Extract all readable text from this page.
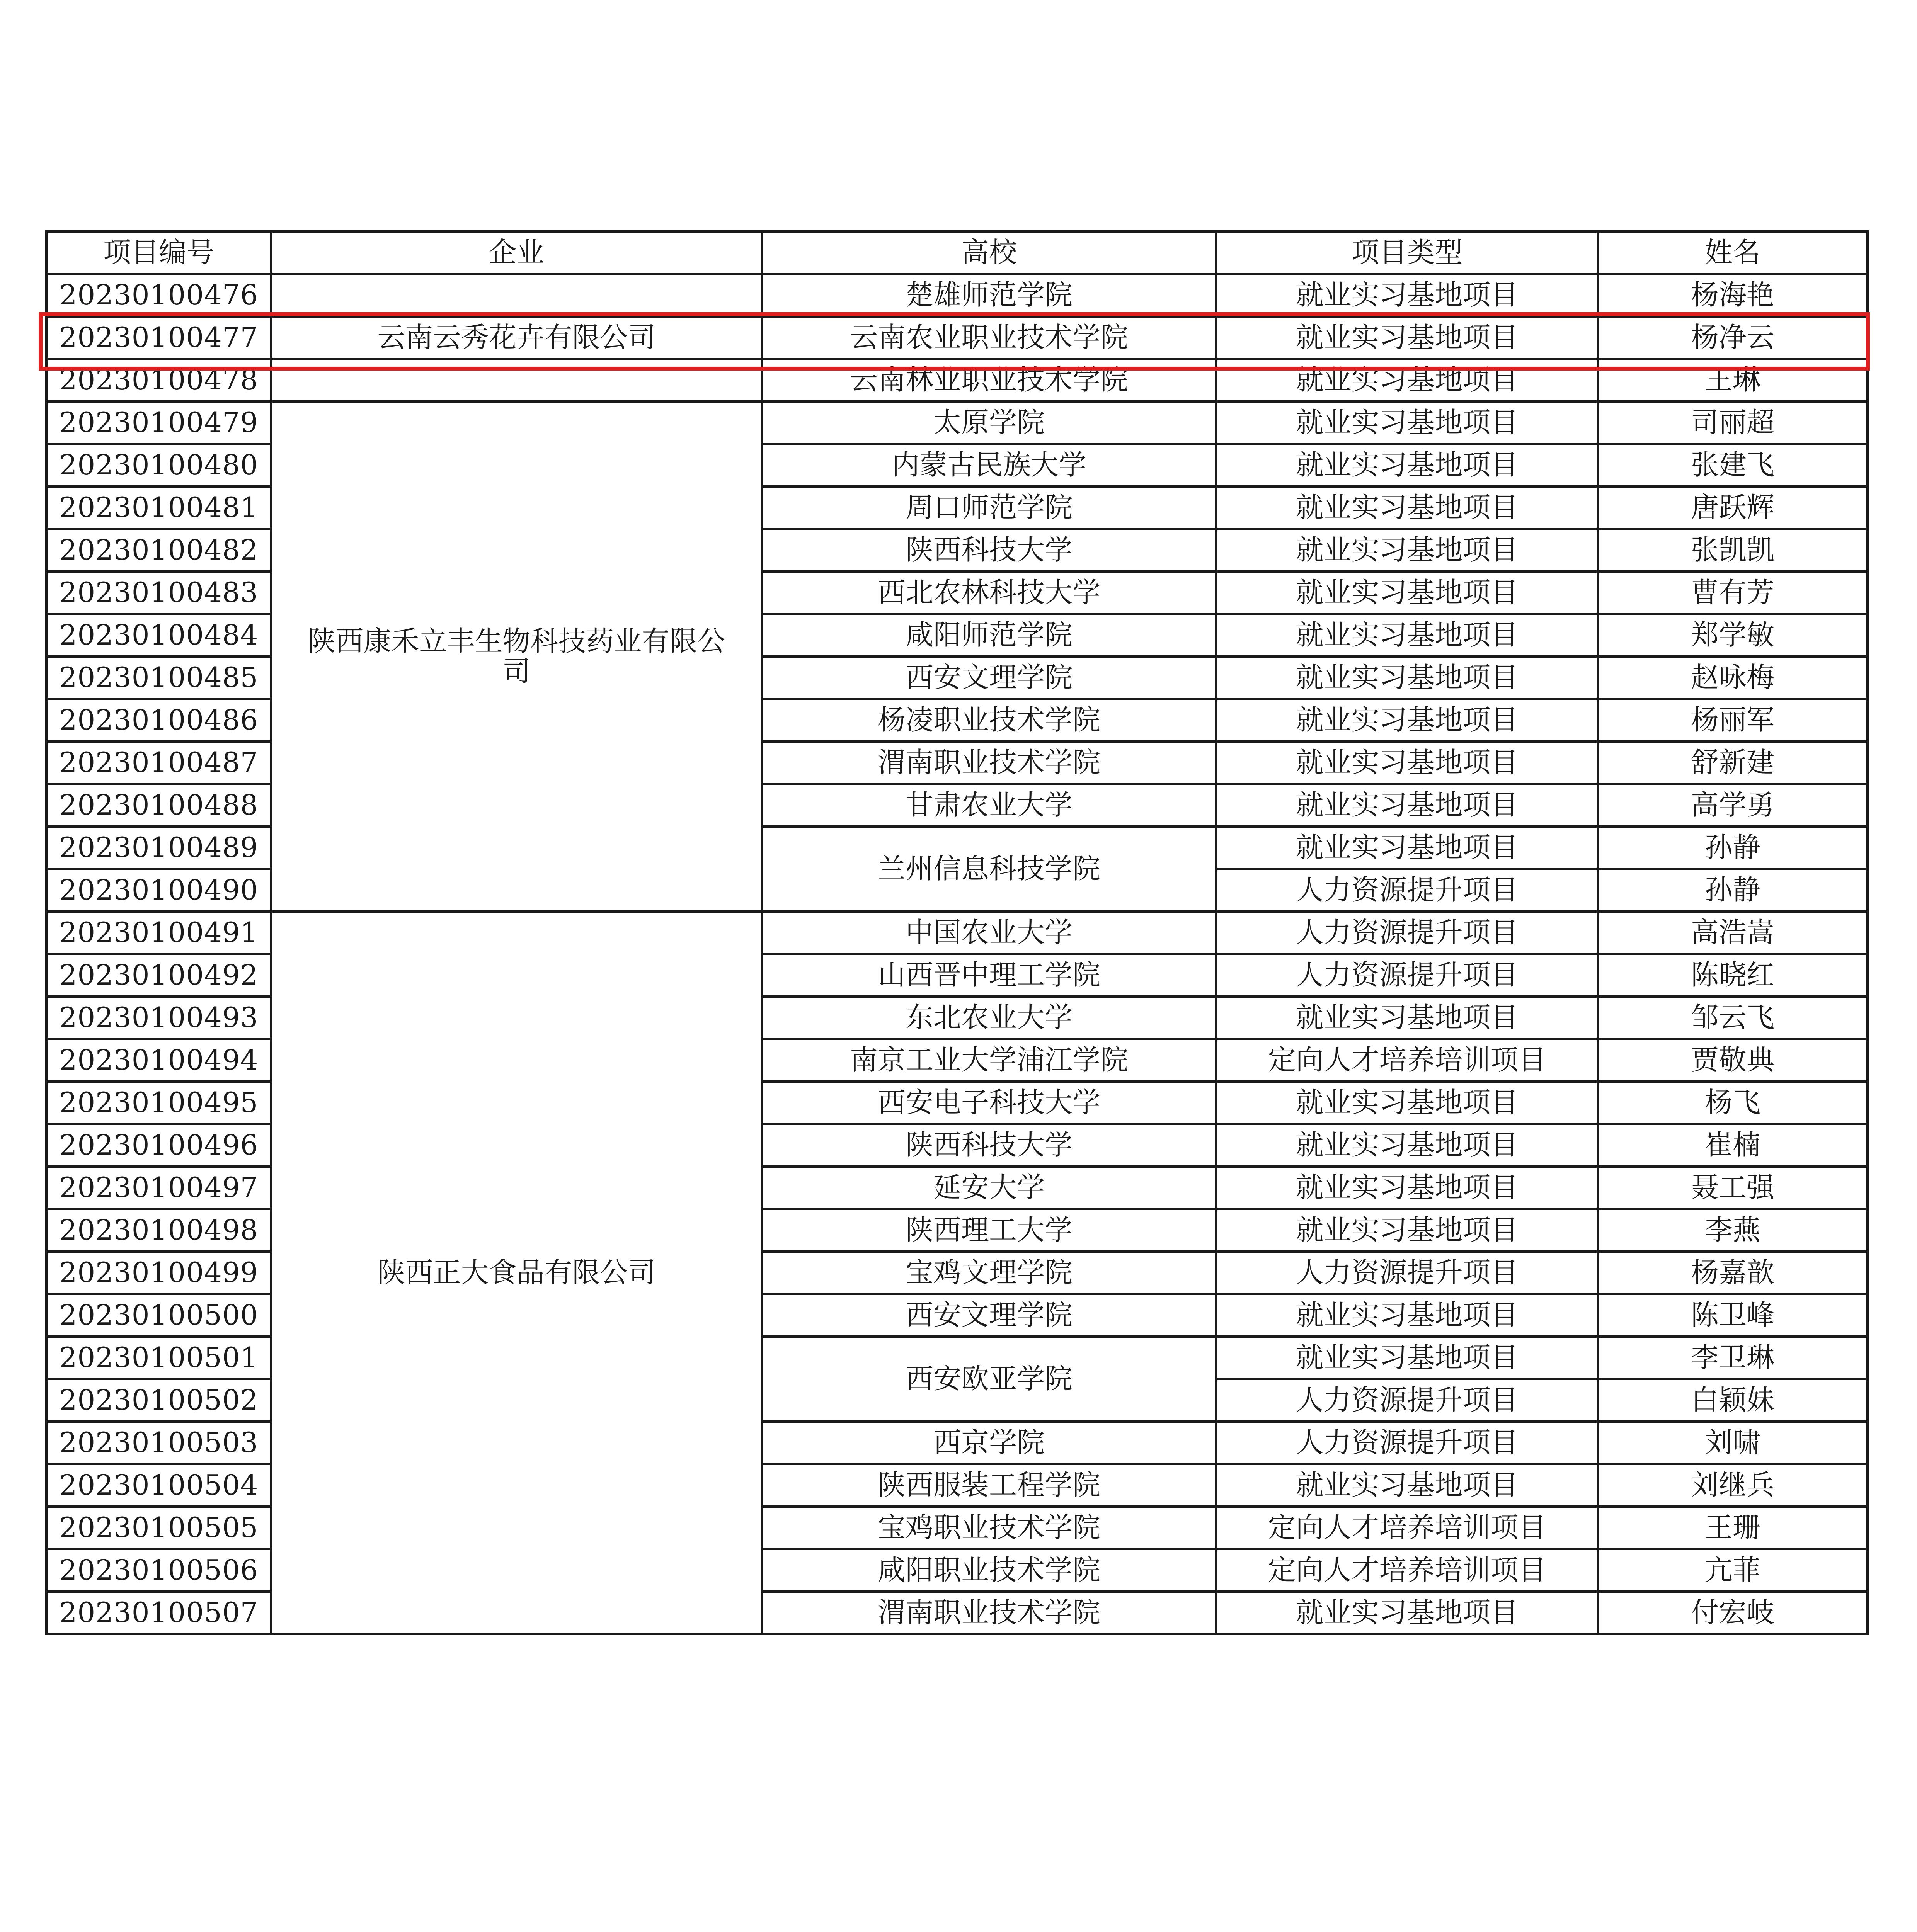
项目编号	企业	高校	项目类型	姓名
20230100476		楚雄师范学院	就业实习基地项目	杨海艳
20230100477	云南云秀花卉有限公司	云南农业职业技术学院	就业实习基地项目	杨净云
20230100478		云南林业职业技术学院	就业实习基地项目	王琳
20230100479	陕西康禾立丰生物科技药业有限公司	太原学院	就业实习基地项目	司丽超
20230100480		内蒙古民族大学	就业实习基地项目	张建飞
20230100481		周口师范学院	就业实习基地项目	唐跃辉
20230100482		陕西科技大学	就业实习基地项目	张凯凯
20230100483		西北农林科技大学	就业实习基地项目	曹有芳
20230100484		咸阳师范学院	就业实习基地项目	郑学敏
20230100485		西安文理学院	就业实习基地项目	赵咏梅
20230100486		杨凌职业技术学院	就业实习基地项目	杨丽军
20230100487		渭南职业技术学院	就业实习基地项目	舒新建
20230100488		甘肃农业大学	就业实习基地项目	高学勇
20230100489		兰州信息科技学院	就业实习基地项目	孙静
20230100490			人力资源提升项目	孙静
20230100491	陕西正大食品有限公司	中国农业大学	人力资源提升项目	高浩嵩
20230100492		山西晋中理工学院	人力资源提升项目	陈晓红
20230100493		东北农业大学	就业实习基地项目	邹云飞
20230100494		南京工业大学浦江学院	定向人才培养培训项目	贾敬典
20230100495		西安电子科技大学	就业实习基地项目	杨飞
20230100496		陕西科技大学	就业实习基地项目	崔楠
20230100497		延安大学	就业实习基地项目	聂工强
20230100498		陕西理工大学	就业实习基地项目	李燕
20230100499		宝鸡文理学院	人力资源提升项目	杨嘉歆
20230100500		西安文理学院	就业实习基地项目	陈卫峰
20230100501		西安欧亚学院	就业实习基地项目	李卫琳
20230100502			人力资源提升项目	白颖妹
20230100503		西京学院	人力资源提升项目	刘啸
20230100504		陕西服装工程学院	就业实习基地项目	刘继兵
20230100505		宝鸡职业技术学院	定向人才培养培训项目	王珊
20230100506		咸阳职业技术学院	定向人才培养培训项目	亢菲
20230100507		渭南职业技术学院	就业实习基地项目	付宏岐
